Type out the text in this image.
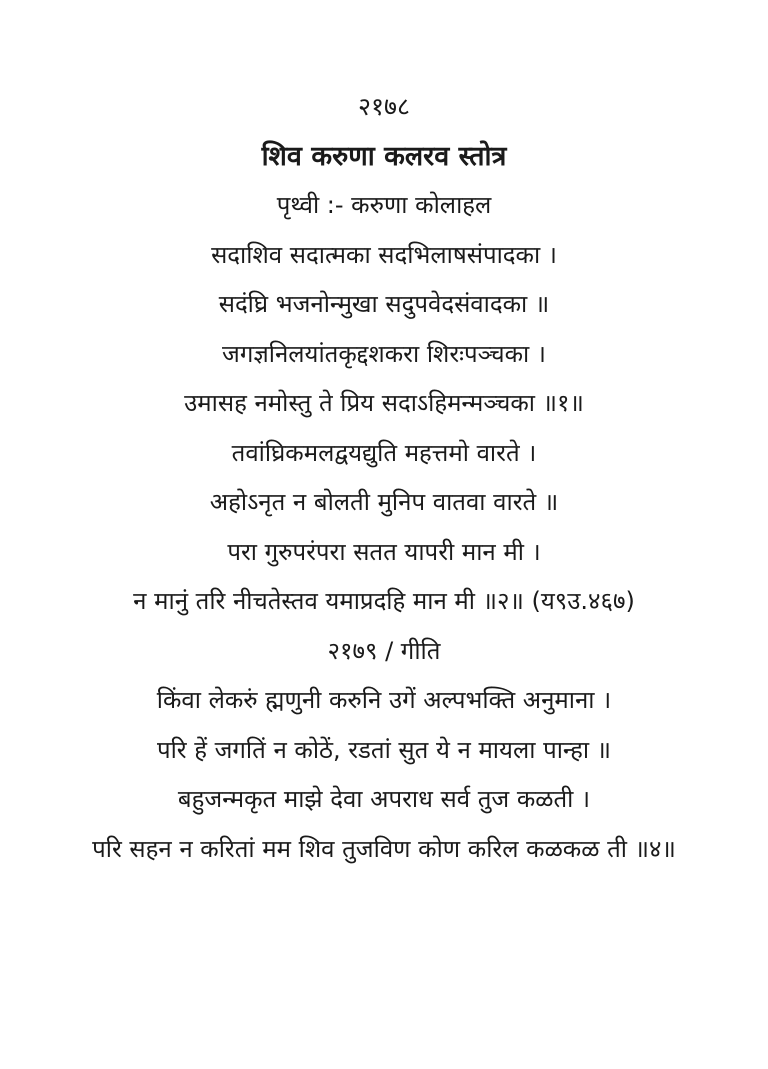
२१७८
शिव करुणा कलरव स्तोत्र
पृथ्वी :- करुणा कोलाहल
सदाशिव सदात्मका सदभिलाषसंपादका ।
सदंघ्रि भजनोन्मुखा सदुपवेदसंवादका ॥
जगज्ञनिलयांतकृद्दशकरा शिरःपञ्चका ।
उमासह नमोस्तु ते प्रिय सदाऽहिमन्मञ्चका ॥१॥
तवांघ्रिकमलद्वयद्युति महत्तमो वारते ।
अहोऽनृत न बोलती मुनिप वातवा वारते ॥
परा गुरुपरंपरा सतत यापरी मान मी ।
न मानुं तरि नीचतेस्तव यमाप्रदहि मान मी ॥२॥ (य९उ.४६७)
२१७९ / गीति
किंवा लेकरुं ह्मणुनी करुनि उगें अल्पभक्ति अनुमाना ।
परि हें जगतिं न कोठें, रडतां सुत ये न मायला पान्हा ॥
बहुजन्मकृत माझे देवा अपराध सर्व तुज कळती ।
परि सहन न करितां मम शिव तुजविण कोण करिल कळकळ ती ॥४॥
